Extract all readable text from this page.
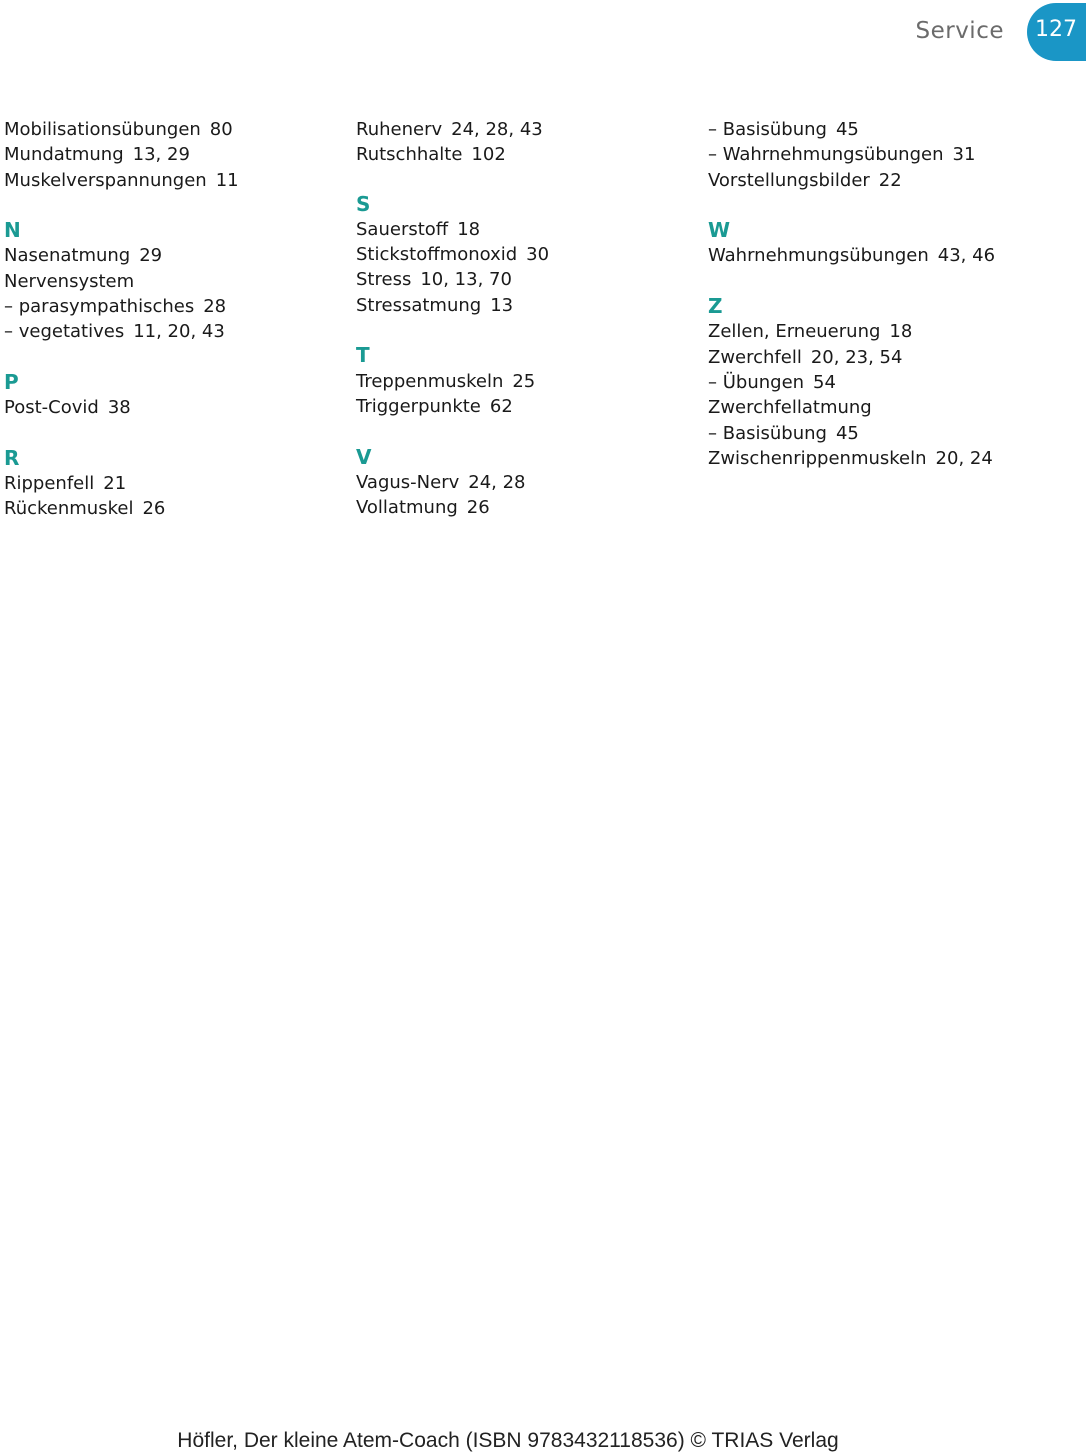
Service	127
Mobilisationsübungen 80
Mundatmung 13, 29
Muskelverspannungen 11
N
Nasenatmung 29
Nervensystem
– parasympathisches 28
– vegetatives 11, 20, 43
P
Post-Covid 38
R
Rippenfell 21
Rückenmuskel 26
Ruhenerv 24, 28, 43
Rutschhalte 102
S
Sauerstoff 18
Stickstoffmonoxid 30
Stress 10, 13, 70
Stressatmung 13
T
Treppenmuskeln 25
Triggerpunkte 62
V
Vagus-Nerv 24, 28
Vollatmung 26
– Basisübung 45
– Wahrnehmungsübungen 31
Vorstellungsbilder 22
W
Wahrnehmungsübungen 43, 46
Z
Zellen, Erneuerung 18
Zwerchfell 20, 23, 54
– Übungen 54
Zwerchfellatmung
– Basisübung 45
Zwischenrippenmuskeln 20, 24
Höfler, Der kleine Atem-Coach (ISBN 9783432118536) © TRIAS Verlag
